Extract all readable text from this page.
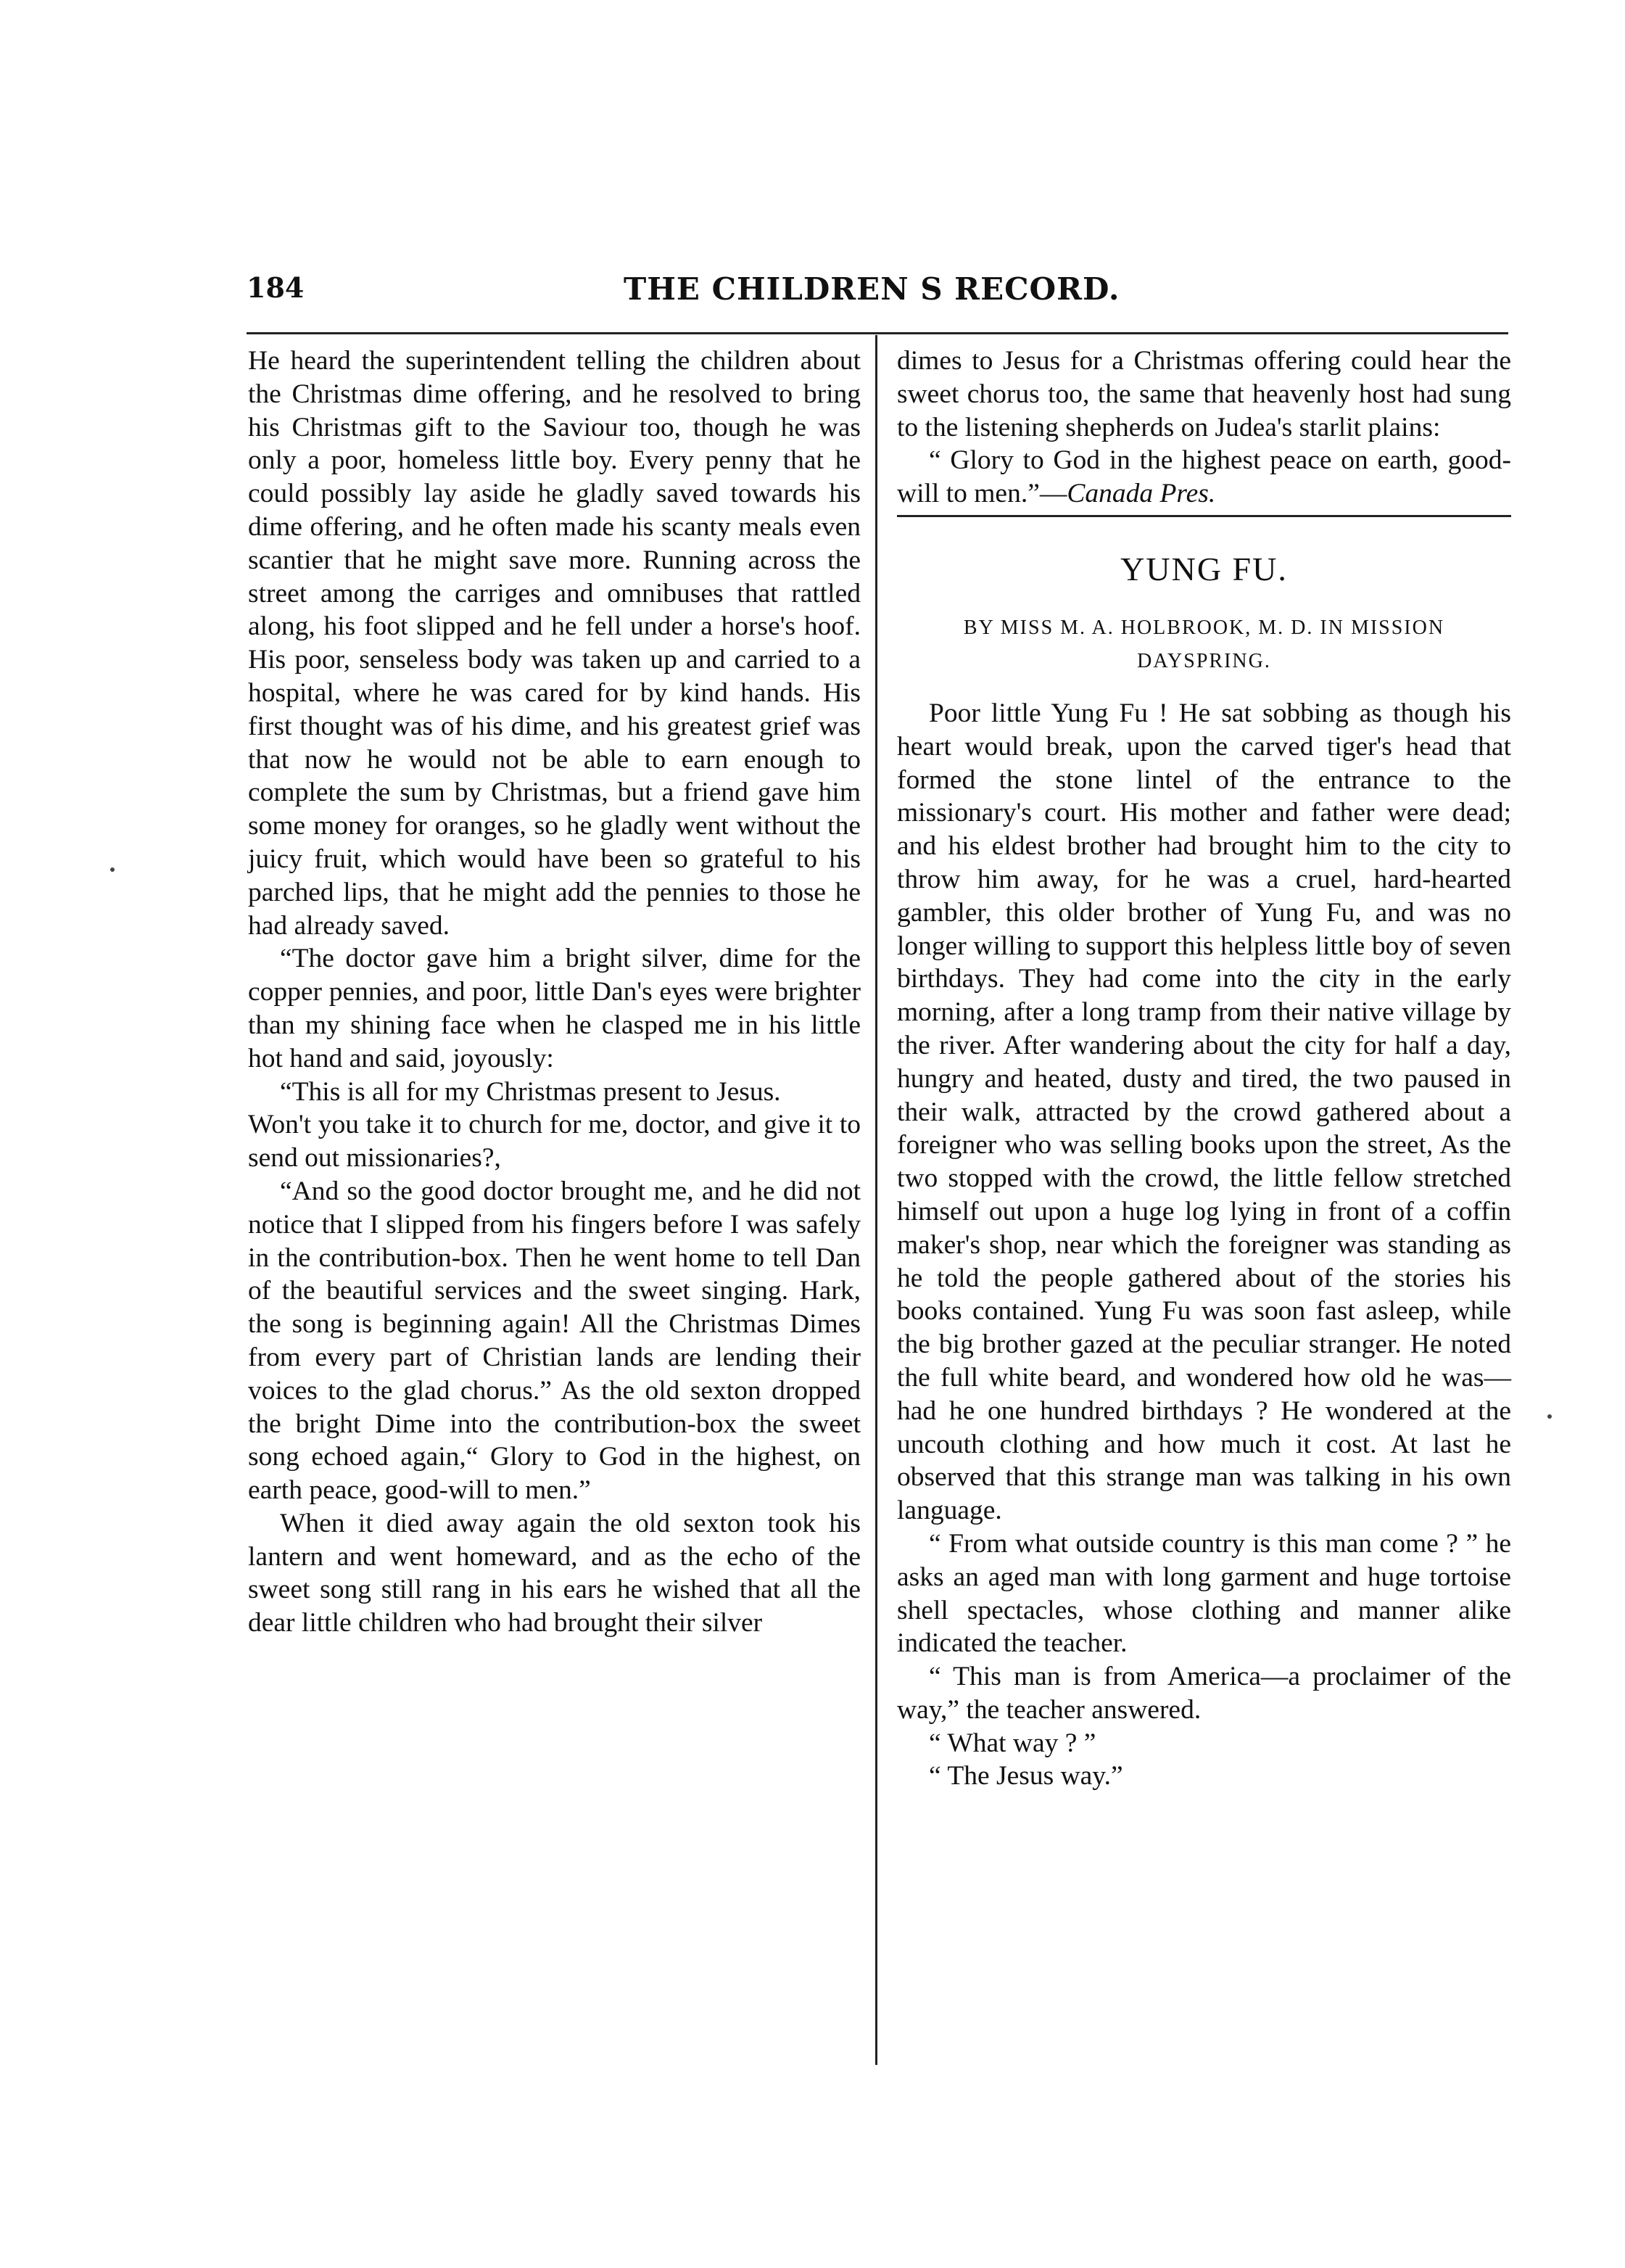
184	THE CHILDREN S RECORD.

He heard the superintendent telling the children about the Christmas dime offering, and he resolved to bring his Christmas gift to the Saviour too, though he was only a poor, homeless little boy. Every penny that he could possibly lay aside he gladly saved towards his dime offering, and he often made his scanty meals even scantier that he might save more. Running across the street among the carriges and omnibuses that rattled along, his foot slipped and he fell under a horse's hoof. His poor, senseless body was taken up and carried to a hospital, where he was cared for by kind hands. His first thought was of his dime, and his greatest grief was that now he would not be able to earn enough to complete the sum by Christmas, but a friend gave him some money for oranges, so he gladly went without the juicy fruit, which would have been so grateful to his parched lips, that he might add the pennies to those he had already saved.

“The doctor gave him a bright silver, dime for the copper pennies, and poor, little Dan's eyes were brighter than my shining face when he clasped me in his little hot hand and said, joyously:

“This is all for my Christmas present to Jesus.

Won't you take it to church for me, doctor, and give it to send out missionaries?,

“And so the good doctor brought me, and he did not notice that I slipped from his fingers before I was safely in the contribution-box. Then he went home to tell Dan of the beautiful services and the sweet singing. Hark, the song is beginning again! All the Christmas Dimes from every part of Christian lands are lending their voices to the glad chorus.” As the old sexton dropped the bright Dime into the contribution-box the sweet song echoed again,“ Glory to God in the highest, on earth peace, good-will to men.”

When it died away again the old sexton took his lantern and went homeward, and as the echo of the sweet song still rang in his ears he wished that all the dear little children who had brought their silver

dimes to Jesus for a Christmas offering could hear the sweet chorus too, the same that heavenly host had sung to the listening shepherds on Judea's starlit plains:

“ Glory to God in the highest peace on earth, good-will to men.”—Canada Pres.

YUNG FU.
BY MISS M. A. HOLBROOK, M. D. IN MISSION DAYSPRING.

Poor little Yung Fu ! He sat sobbing as though his heart would break, upon the carved tiger's head that formed the stone lintel of the entrance to the missionary's court. His mother and father were dead; and his eldest brother had brought him to the city to throw him away, for he was a cruel, hard-hearted gambler, this older brother of Yung Fu, and was no longer willing to support this helpless little boy of seven birthdays. They had come into the city in the early morning, after a long tramp from their native village by the river. After wandering about the city for half a day, hungry and heated, dusty and tired, the two paused in their walk, attracted by the crowd gathered about a foreigner who was selling books upon the street, As the two stopped with the crowd, the little fellow stretched himself out upon a huge log lying in front of a coffin maker's shop, near which the foreigner was standing as he told the people gathered about of the stories his books contained. Yung Fu was soon fast asleep, while the big brother gazed at the peculiar stranger. He noted the full white beard, and wondered how old he was—had he one hundred birthdays ? He wondered at the uncouth clothing and how much it cost. At last he observed that this strange man was talking in his own language.

“ From what outside country is this man come ? ” he asks an aged man with long garment and huge tortoise shell spectacles, whose clothing and manner alike indicated the teacher.

“ This man is from America—a proclaimer of the way,” the teacher answered.

“ What way ? ”

“ The Jesus way.”
